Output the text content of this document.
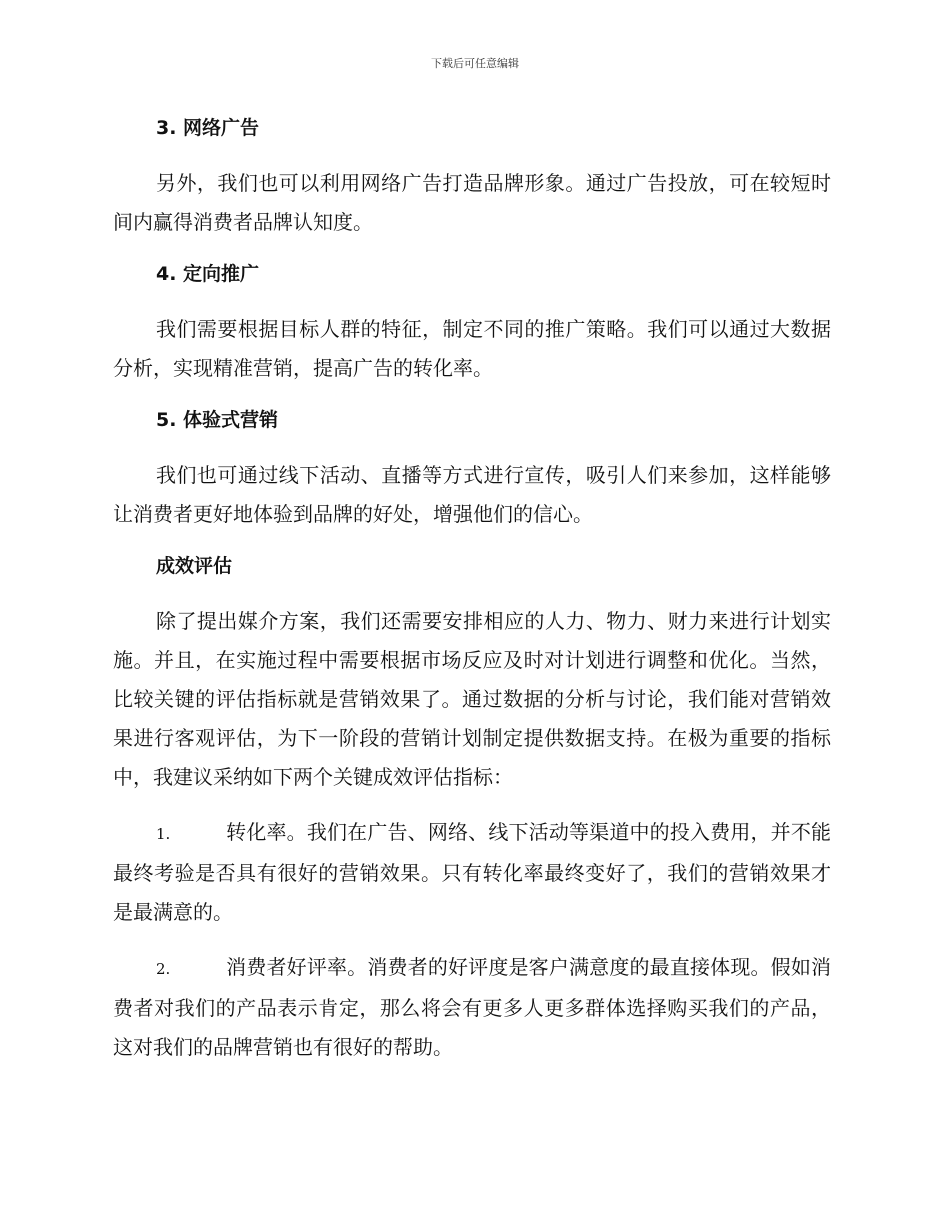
下载后可任意编辑
3. 网络广告

另外，我们也可以利用网络广告打造品牌形象。通过广告投放，可在较短时间内赢得消费者品牌认知度。

4. 定向推广

我们需要根据目标人群的特征，制定不同的推广策略。我们可以通过大数据分析，实现精准营销，提高广告的转化率。

5. 体验式营销

我们也可通过线下活动、直播等方式进行宣传，吸引人们来参加，这样能够让消费者更好地体验到品牌的好处，增强他们的信心。

成效评估

除了提出媒介方案，我们还需要安排相应的人力、物力、财力来进行计划实施。并且，在实施过程中需要根据市场反应及时对计划进行调整和优化。当然，比较关键的评估指标就是营销效果了。通过数据的分析与讨论，我们能对营销效果进行客观评估，为下一阶段的营销计划制定提供数据支持。在极为重要的指标中，我建议采纳如下两个关键成效评估指标：

1.	转化率。我们在广告、网络、线下活动等渠道中的投入费用，并不能最终考验是否具有很好的营销效果。只有转化率最终变好了，我们的营销效果才是最满意的。

2.	消费者好评率。消费者的好评度是客户满意度的最直接体现。假如消费者对我们的产品表示肯定，那么将会有更多人更多群体选择购买我们的产品，这对我们的品牌营销也有很好的帮助。
